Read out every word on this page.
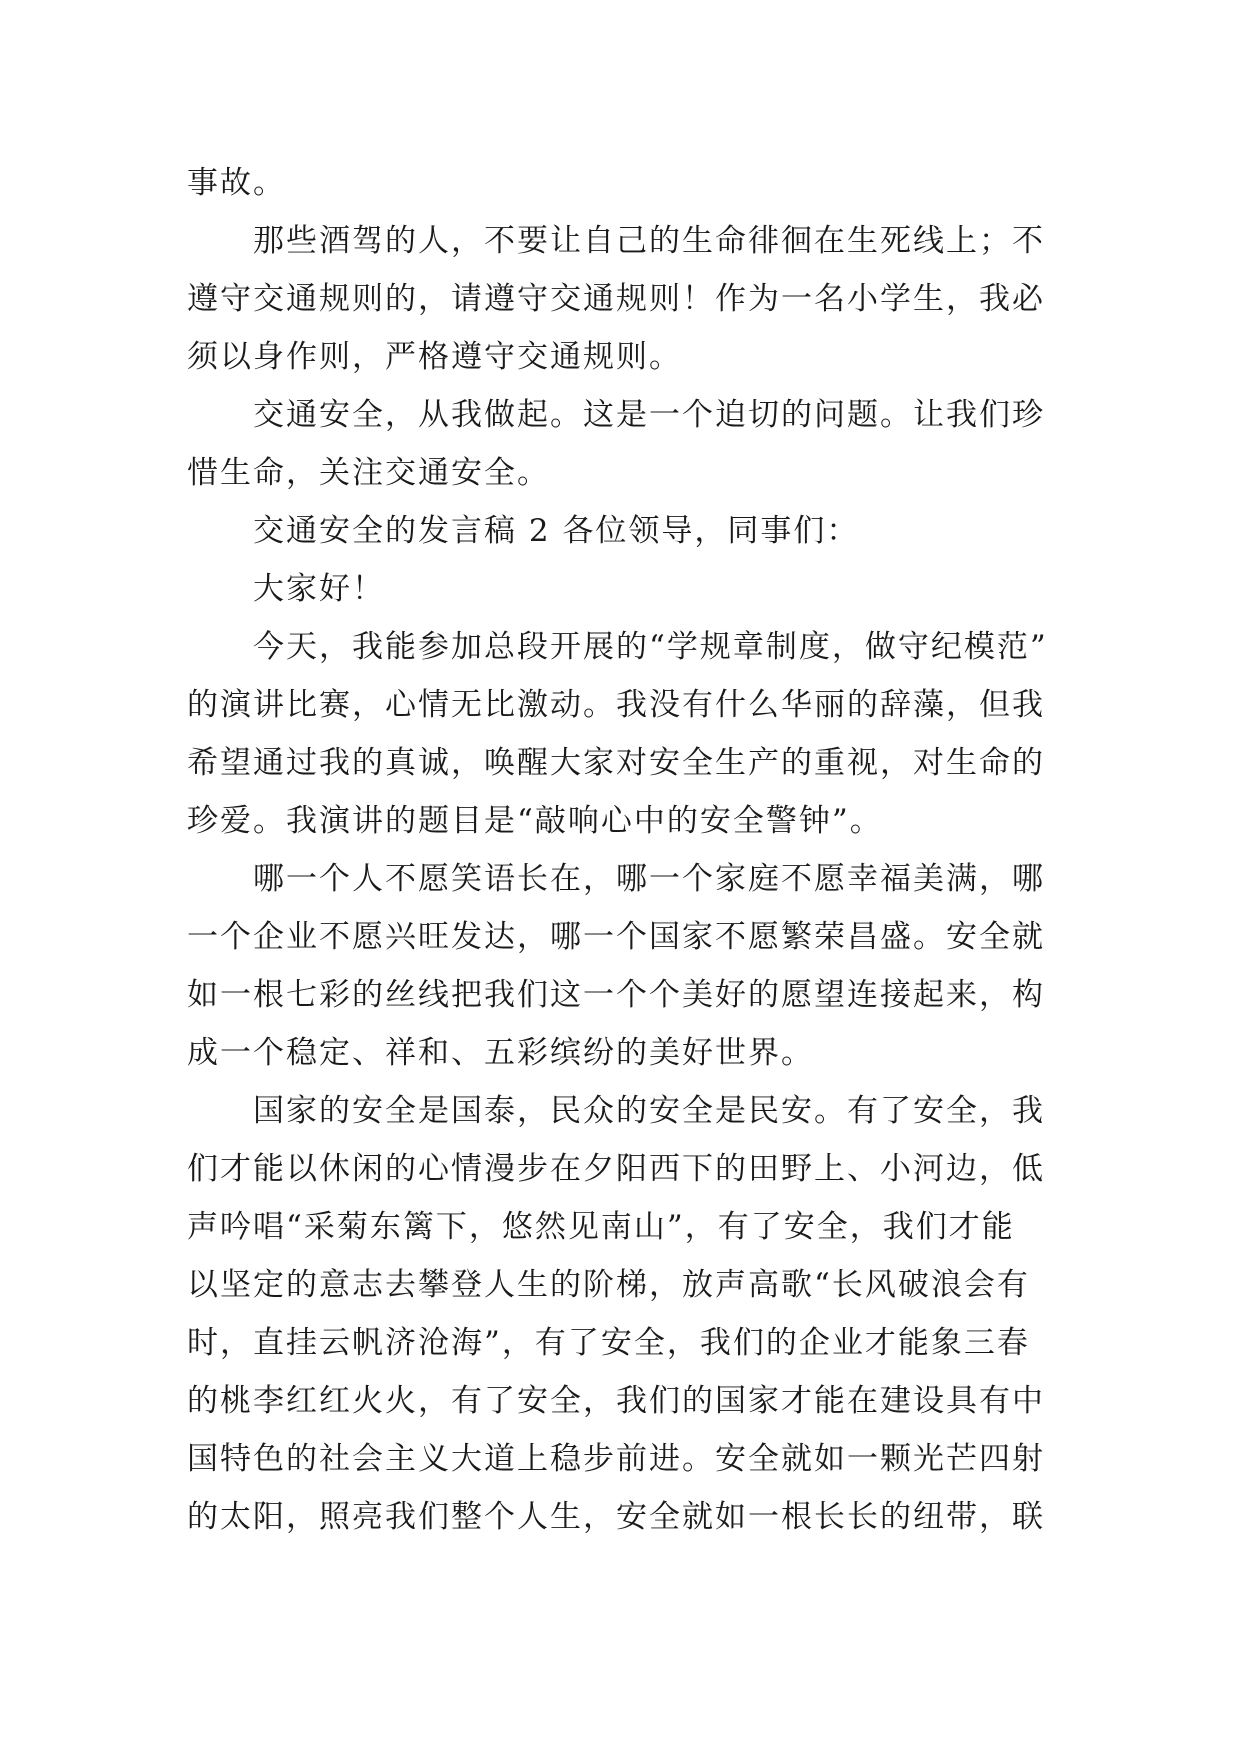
事故。
那些酒驾的人，不要让自己的生命徘徊在生死线上；不
遵守交通规则的，请遵守交通规则！作为一名小学生，我必
须以身作则，严格遵守交通规则。
交通安全，从我做起。这是一个迫切的问题。让我们珍
惜生命，关注交通安全。
交通安全的发言稿 2 各位领导，同事们：
大家好！
今天，我能参加总段开展的“学规章制度，做守纪模范”
的演讲比赛，心情无比激动。我没有什么华丽的辞藻，但我
希望通过我的真诚，唤醒大家对安全生产的重视，对生命的
珍爱。我演讲的题目是“敲响心中的安全警钟”。
哪一个人不愿笑语长在，哪一个家庭不愿幸福美满，哪
一个企业不愿兴旺发达，哪一个国家不愿繁荣昌盛。安全就
如一根七彩的丝线把我们这一个个美好的愿望连接起来，构
成一个稳定、祥和、五彩缤纷的美好世界。
国家的安全是国泰，民众的安全是民安。有了安全，我
们才能以休闲的心情漫步在夕阳西下的田野上、小河边，低
声吟唱“采菊东篱下，悠然见南山”，有了安全，我们才能
以坚定的意志去攀登人生的阶梯，放声高歌“长风破浪会有
时，直挂云帆济沧海”，有了安全，我们的企业才能象三春
的桃李红红火火，有了安全，我们的国家才能在建设具有中
国特色的社会主义大道上稳步前进。安全就如一颗光芒四射
的太阳，照亮我们整个人生，安全就如一根长长的纽带，联
